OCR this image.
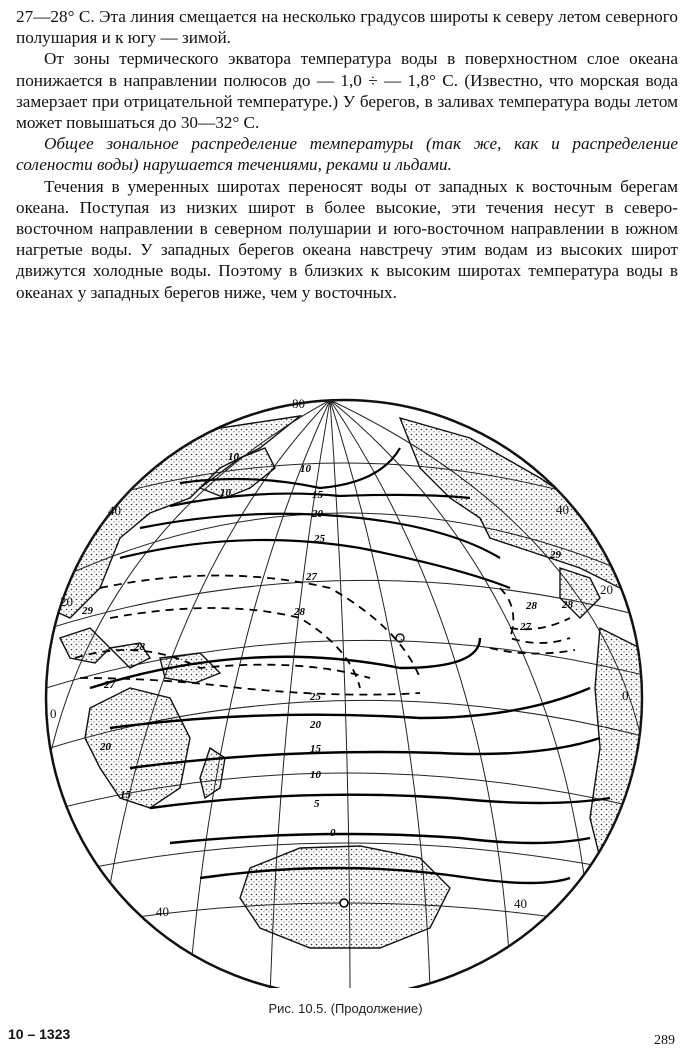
27—28° С. Эта линия смещается на несколько градусов широты к северу летом северного полушария и к югу — зимой.

От зоны термического экватора температура воды в поверхностном слое океана понижается в направлении полюсов до — 1,0 ÷ — 1,8° С. (Известно, что морская вода замерзает при отрицательной температуре.) У берегов, в заливах температура воды летом может повышаться до 30—32° С.

Общее зональное распределение температуры (так же, как и распределение солености воды) нарушается течениями, реками и льдами.

Течения в умеренных широтах переносят воды от западных к восточным берегам океана. Поступая из низких широт в более высокие, эти течения несут в северо-восточном направлении в северном полушарии и юго-восточном направлении в южном нагретые воды. У западных берегов океана навстречу этим водам из высоких широт движутся холодные воды. Поэтому в близких к высоким широтах температура воды в океанах у западных берегов ниже, чем у восточных.

80
40
20
0
40
20
0
40
40
10
10
10
15
20
25
27
28
29
28
27
25
20
20	15
15
10
5
0
29
28
27
28
Рис. 10.5. (Продолжение)
10 – 1323	289
